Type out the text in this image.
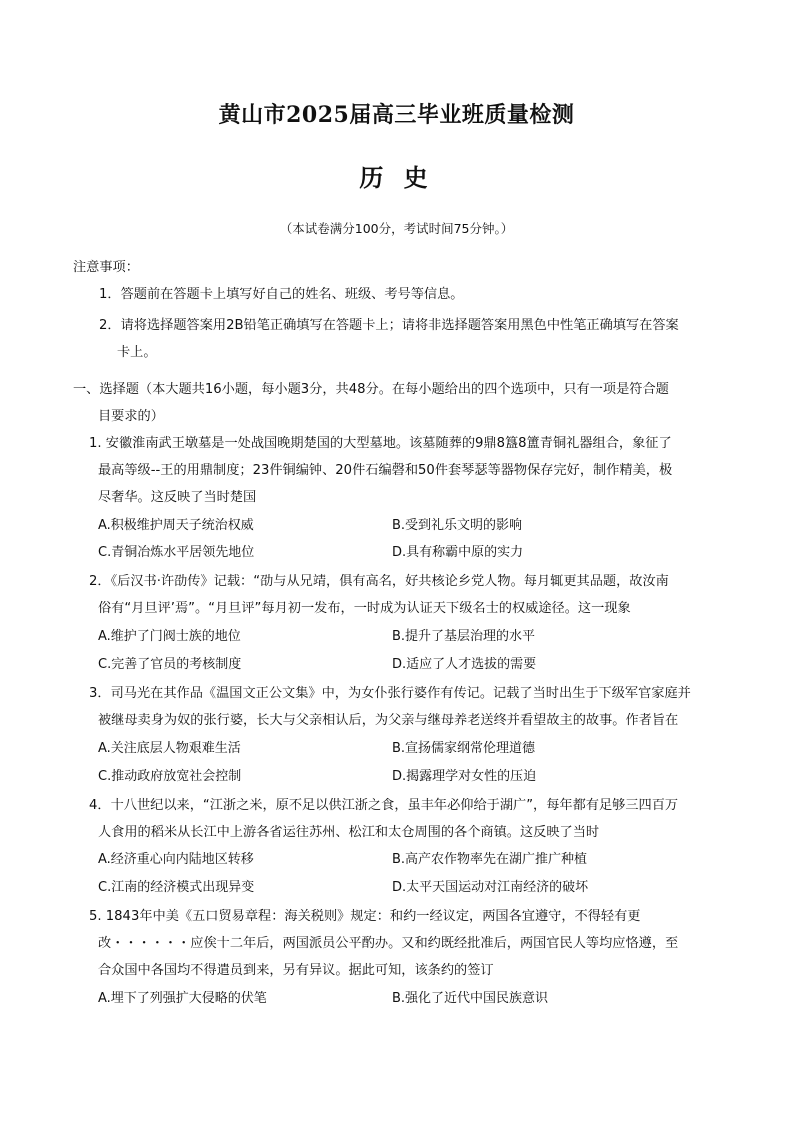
黄山市2025届高三毕业班质量检测
历 史
（本试卷满分100分，考试时间75分钟。）
注意事项：
1．答题前在答题卡上填写好自己的姓名、班级、考号等信息。
2．请将选择题答案用2B铅笔正确填写在答题卡上；请将非选择题答案用黑色中性笔正确填写在答案
卡上。
一、选择题（本大题共16小题，每小题3分，共48分。在每小题给出的四个选项中，只有一项是符合题
目要求的）
1. 安徽淮南武王墩墓是一处战国晚期楚国的大型墓地。该墓随葬的9鼎8簋8簠青铜礼器组合，象征了
最高等级--王的用鼎制度；23件铜编钟、20件石编磬和50件套琴瑟等器物保存完好，制作精美，极
尽奢华。这反映了当时楚国
A.积极维护周天子统治权威	B.受到礼乐文明的影响
C.青铜冶炼水平居领先地位	D.具有称霸中原的实力
2．《后汉书·许劭传》记载：“劭与从兄靖，俱有高名，好共核论乡党人物。每月辄更其品题，故汝南
俗有“月旦评’焉”。“月旦评”每月初一发布，一时成为认证天下级名士的权威途径。这一现象
A.维护了门阀士族的地位	B.提升了基层治理的水平
C.完善了官员的考核制度	D.适应了人才选拔的需要
3．司马光在其作品《温国文正公文集》中，为女仆张行婆作有传记。记载了当时出生于下级军官家庭并
被继母卖身为奴的张行婆，长大与父亲相认后，为父亲与继母养老送终并看望故主的故事。作者旨在
A.关注底层人物艰难生活	B.宣扬儒家纲常伦理道德
C.推动政府放宽社会控制	D.揭露理学对女性的压迫
4．十八世纪以来，“江浙之米，原不足以供江浙之食，虽丰年必仰给于湖广”，每年都有足够三四百万
人食用的稻米从长江中上游各省运往苏州、松江和太仓周围的各个商镇。这反映了当时
A.经济重心向内陆地区转移	B.高产农作物率先在湖广推广种植
C.江南的经济模式出现异变	D.太平天国运动对江南经济的破坏
5. 1843年中美《五口贸易章程：海关税则》规定：和约一经议定，两国各宜遵守，不得轻有更
改・・・・・・应俟十二年后，两国派员公平酌办。又和约既经批准后，两国官民人等均应恪遵，至
合众国中各国均不得遣员到来，另有异议。据此可知，该条约的签订
A.埋下了列强扩大侵略的伏笔	B.强化了近代中国民族意识
